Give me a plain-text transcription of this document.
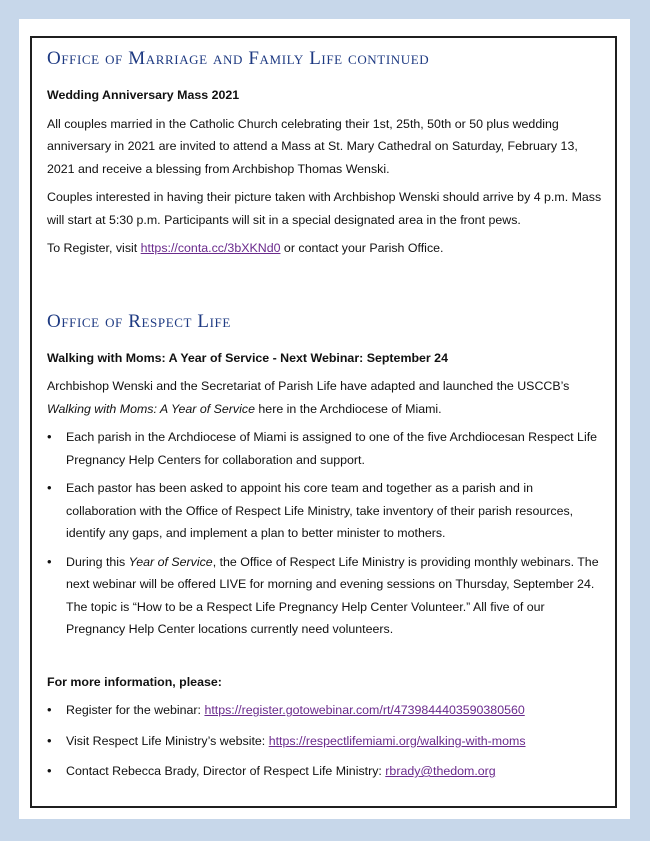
Office of Marriage and Family Life continued

Wedding Anniversary Mass 2021

All couples married in the Catholic Church celebrating their 1st, 25th, 50th or 50 plus wedding anniversary in 2021 are invited to attend a Mass at St. Mary Cathedral on Saturday, February 13, 2021 and receive a blessing from Archbishop Thomas Wenski.

Couples interested in having their picture taken with Archbishop Wenski should arrive by 4 p.m. Mass will start at 5:30 p.m. Participants will sit in a special designated area in the front pews.

To Register, visit https://conta.cc/3bXKNd0 or contact your Parish Office.

Office of Respect Life

Walking with Moms: A Year of Service - Next Webinar: September 24

Archbishop Wenski and the Secretariat of Parish Life have adapted and launched the USCCB’s Walking with Moms: A Year of Service here in the Archdiocese of Miami.

• Each parish in the Archdiocese of Miami is assigned to one of the five Archdiocesan Respect Life Pregnancy Help Centers for collaboration and support.
• Each pastor has been asked to appoint his core team and together as a parish and in collaboration with the Office of Respect Life Ministry, take inventory of their parish resources, identify any gaps, and implement a plan to better minister to mothers.
• During this Year of Service, the Office of Respect Life Ministry is providing monthly webinars. The next webinar will be offered LIVE for morning and evening sessions on Thursday, September 24. The topic is “How to be a Respect Life Pregnancy Help Center Volunteer.” All five of our Pregnancy Help Center locations currently need volunteers.

For more information, please:

• Register for the webinar: https://register.gotowebinar.com/rt/4739844403590380560
• Visit Respect Life Ministry’s website: https://respectlifemiami.org/walking-with-moms
• Contact Rebecca Brady, Director of Respect Life Ministry: rbrady@thedom.org
